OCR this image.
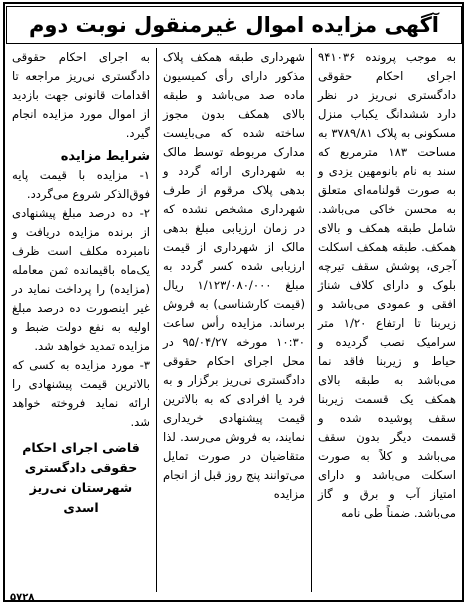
آگهی مزایده اموال غیرمنقول نوبت دوم

به موجب پرونده ۹۴۱۰۳۶ اجرای احکام حقوقی دادگستری نی‌ریز در نظر دارد ششدانگ یکباب منزل مسکونی به پلاک ۳۷۸۹/۸۱ به مساحت ۱۸۳ مترمربع که سند به نام بانومهین یزدی و به صورت قولنامه‌ای متعلق به محسن خاکی می‌باشد. شامل طبقه همکف و بالای همکف. طبقه همکف اسکلت آجری، پوشش سقف تیرچه بلوک و دارای کلاف شناژ افقی و عمودی می‌باشد و زیربنا تا ارتفاع ۱/۲۰ متر سرامیک نصب گردیده و حیاط و زیربنا فاقد نما می‌باشد به طبقه بالای همکف یک قسمت زیربنا سقف پوشیده شده و قسمت دیگر بدون سقف می‌باشد و کلاً به صورت اسکلت می‌باشد و دارای امتیاز آب و برق و گاز می‌باشد. ضمناً طی نامه

شهرداری طبقه همکف پلاک مذکور دارای رأی کمیسیون ماده صد می‌باشد و طبقه بالای همکف بدون مجوز ساخته شده که می‌بایست مدارک مربوطه توسط مالک به شهرداری ارائه گردد و بدهی پلاک مرقوم از طرف شهرداری مشخص نشده که در زمان ارزیابی مبلغ بدهی مالک از شهرداری از قیمت ارزیابی شده کسر گردد به مبلغ ۱/۱۲۳/۰۸۰/۰۰۰ ریال (قیمت کارشناسی) به فروش برساند. مزایده رأس ساعت ۱۰:۳۰ مورخه ۹۵/۰۴/۲۷ در محل اجرای احکام حقوقی دادگستری نی‌ریز برگزار و به فرد یا افرادی که به بالاترین قیمت پیشنهادی خریداری نمایند، به فروش می‌رسد. لذا متقاضیان در صورت تمایل می‌توانند پنج روز قبل از انجام مزایده

به اجرای احکام حقوقی دادگستری نی‌ریز مراجعه تا اقدامات قانونی جهت بازدید از اموال مورد مزایده انجام گیرد.

شرایط مزایده

۱- مزایده با قیمت پایه فوق‌الذکر شروع می‌گردد.

۲- ده درصد مبلغ پیشنهادی از برنده مزایده دریافت و نامبرده مکلف است ظرف یک‌ماه باقیمانده ثمن معامله (مزایده) را پرداخت نماید در غیر اینصورت ده درصد مبلغ اولیه به نفع دولت ضبط و مزایده تمدید خواهد شد.

۳- مورد مزایده به کسی که بالاترین قیمت پیشنهادی را ارائه نماید فروخته خواهد شد.

قاضی اجرای احکام حقوقی دادگستری شهرستان نی‌ریز اسدی

۵۷۲۸
